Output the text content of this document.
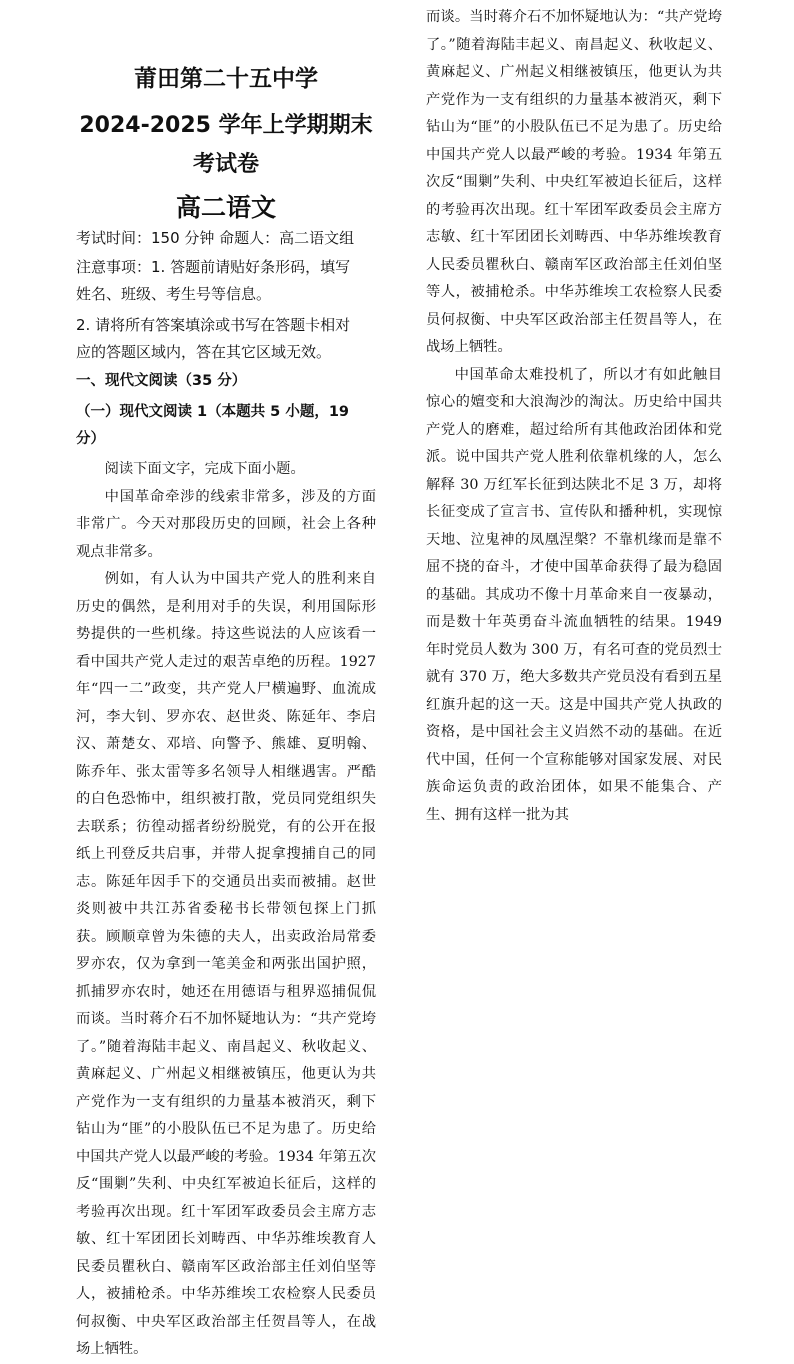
莆田第二十五中学
2024-2025 学年上学期期末
考试卷
高二语文
考试时间：150 分钟 命题人：高二语文组
注意事项：1. 答题前请贴好条形码，填写
姓名、班级、考生号等信息。
2. 请将所有答案填涂或书写在答题卡相对
应的答题区域内，答在其它区域无效。
一、现代文阅读（35 分）
（一）现代文阅读 1（本题共 5 小题，19
分）

阅读下面文字，完成下面小题。

中国革命牵涉的线索非常多，涉及的方面非常广。今天对那段历史的回顾，社会上各种观点非常多。

例如，有人认为中国共产党人的胜利来自历史的偶然，是利用对手的失误，利用国际形势提供的一些机缘。持这些说法的人应该看一看中国共产党人走过的艰苦卓绝的历程。1927 年“四一二”政变，共产党人尸横遍野、血流成河，李大钊、罗亦农、赵世炎、陈延年、李启汉、萧楚女、邓培、向警予、熊雄、夏明翰、陈乔年、张太雷等多名领导人相继遇害。严酷的白色恐怖中，组织被打散，党员同党组织失去联系；彷徨动摇者纷纷脱党，有的公开在报纸上刊登反共启事，并带人捉拿搜捕自己的同志。陈延年因手下的交通员出卖而被捕。赵世炎则被中共江苏省委秘书长带领包探上门抓获。顾顺章曾为朱德的夫人，出卖政治局常委罗亦农，仅为拿到一笔美金和两张出国护照，抓捕罗亦农时，她还在用德语与租界巡捕侃侃而谈。当时蒋介石不加怀疑地认为：“共产党垮了。”随着海陆丰起义、南昌起义、秋收起义、黄麻起义、广州起义相继被镇压，他更认为共产党作为一支有组织的力量基本被消灭，剩下钻山为“匪”的小股队伍已不足为患了。历史给中国共产党人以最严峻的考验。1934 年第五次反“围剿”失利、中央红军被迫长征后，这样的考验再次出现。红十军团军政委员会主席方志敏、红十军团团长刘畴西、中华苏维埃教育人民委员瞿秋白、赣南军区政治部主任刘伯坚等人，被捕枪杀。中华苏维埃工农检察人民委员何叔衡、中央军区政治部主任贺昌等人，在战场上牺牲。

而谈。当时蒋介石不加怀疑地认为：“共产党垮了。”随着海陆丰起义、南昌起义、秋收起义、黄麻起义、广州起义相继被镇压，他更认为共产党作为一支有组织的力量基本被消灭，剩下钻山为“匪”的小股队伍已不足为患了。历史给中国共产党人以最严峻的考验。1934 年第五次反“围剿”失利、中央红军被迫长征后，这样的考验再次出现。红十军团军政委员会主席方志敏、红十军团团长刘畴西、中华苏维埃教育人民委员瞿秋白、赣南军区政治部主任刘伯坚等人，被捕枪杀。中华苏维埃工农检察人民委员何叔衡、中央军区政治部主任贺昌等人，在战场上牺牲。

中国革命太难投机了，所以才有如此触目惊心的嬗变和大浪淘沙的淘汰。历史给中国共产党人的磨难，超过给所有其他政治团体和党派。说中国共产党人胜利依靠机缘的人，怎么解释 30 万红军长征到达陕北不足 3 万，却将长征变成了宣言书、宣传队和播种机，实现惊天地、泣鬼神的凤凰涅槃？不靠机缘而是靠不屈不挠的奋斗，才使中国革命获得了最为稳固的基础。其成功不像十月革命来自一夜暴动，而是数十年英勇奋斗流血牺牲的结果。1949 年时党员人数为 300 万，有名可查的党员烈士就有 370 万，绝大多数共产党员没有看到五星红旗升起的这一天。这是中国共产党人执政的资格，是中国社会主义岿然不动的基础。在近代中国，任何一个宣称能够对国家发展、对民族命运负责的政治团体，如果不能集合、产生、拥有这样一批为其
